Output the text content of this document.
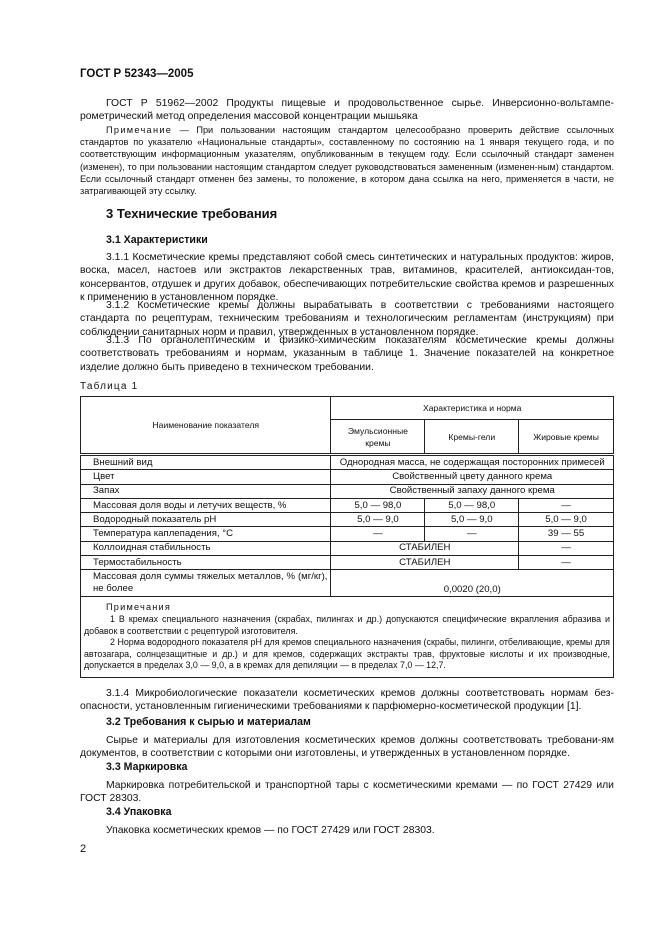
ГОСТ Р 52343—2005

ГОСТ Р 51962—2002 Продукты пищевые и продовольственное сырье. Инверсионно-вольтампе-рометрический метод определения массовой концентрации мышьяка

Примечание — При пользовании настоящим стандартом целесообразно проверить действие ссылочных стандартов по указателю «Национальные стандарты», составленному по состоянию на 1 января текущего года, и по соответствующим информационным указателям, опубликованным в текущем году. Если ссылочный стандарт заменен (изменен), то при пользовании настоящим стандартом следует руководствоваться замененным (изменен-ным) стандартом. Если ссылочный стандарт отменен без замены, то положение, в котором дана ссылка на него, применяется в части, не затрагивающей эту ссылку.

3 Технические требования
3.1 Характеристики

3.1.1 Косметические кремы представляют собой смесь синтетических и натуральных продуктов: жиров, воска, масел, настоев или экстрактов лекарственных трав, витаминов, красителей, антиоксидан-тов, консервантов, отдушек и других добавок, обеспечивающих потребительские свойства кремов и разрешенных к применению в установленном порядке.

3.1.2 Косметические кремы должны вырабатывать в соответствии с требованиями настоящего стандарта по рецептурам, техническим требованиям и технологическим регламентам (инструкциям) при соблюдении санитарных норм и правил, утвержденных в установленном порядке.

3.1.3 По органолептическим и физико-химическим показателям косметические кремы должны соответствовать требованиям и нормам, указанным в таблице 1. Значение показателей на конкретное изделие должно быть приведено в техническом требовании.

Таблица 1
Наименование показателя	Характеристика и норма		
	Эмульсионные кремы	Кремы-гели	Жировые кремы
Внешний вид	Однородная масса, не содержащая посторонних примесей		
Цвет	Свойственный цвету данного крема		
Запах	Свойственный запаху данного крема		
Массовая доля воды и летучих веществ, %	5,0 — 98,0	5,0 — 98,0	—
Водородный показатель рН	5,0 — 9,0	5,0 — 9,0	5,0 — 9,0
Температура каплепадения, °С	—	—	39 — 55
Коллоидная стабильность	СТАБИЛЕН		—
Термостабильность	СТАБИЛЕН		—
Массовая доля суммы тяжелых металлов, % (мг/кг), не более	0,0020 (20,0)		
Примечания

1 В кремах специального назначения (скрабах, пилингах и др.) допускаются специфические вкрапления абразива и добавок в соответствии с рецептурой изготовителя.

2 Норма водородного показателя рН для кремов специального назначения (скрабы, пилинги, отбеливающие, кремы для автозагара, солнцезащитные и др.) и для кремов, содержащих экстракты трав, фруктовые кислоты и их производные, допускается в пределах 3,0 — 9,0, а в кремах для депиляции — в пределах 7,0 — 12,7.

3.1.4 Микробиологические показатели косметических кремов должны соответствовать нормам без-опасности, установленным гигиеническими требованиями к парфюмерно-косметической продукции [1].

3.2 Требования к сырью и материалам

Сырье и материалы для изготовления косметических кремов должны соответствовать требовани-ям документов, в соответствии с которыми они изготовлены, и утвержденных в установленном порядке.

3.3 Маркировка

Маркировка потребительской и транспортной тары с косметическими кремами — по ГОСТ 27429 или ГОСТ 28303.

3.4 Упаковка

Упаковка косметических кремов — по ГОСТ 27429 или ГОСТ 28303.

2
